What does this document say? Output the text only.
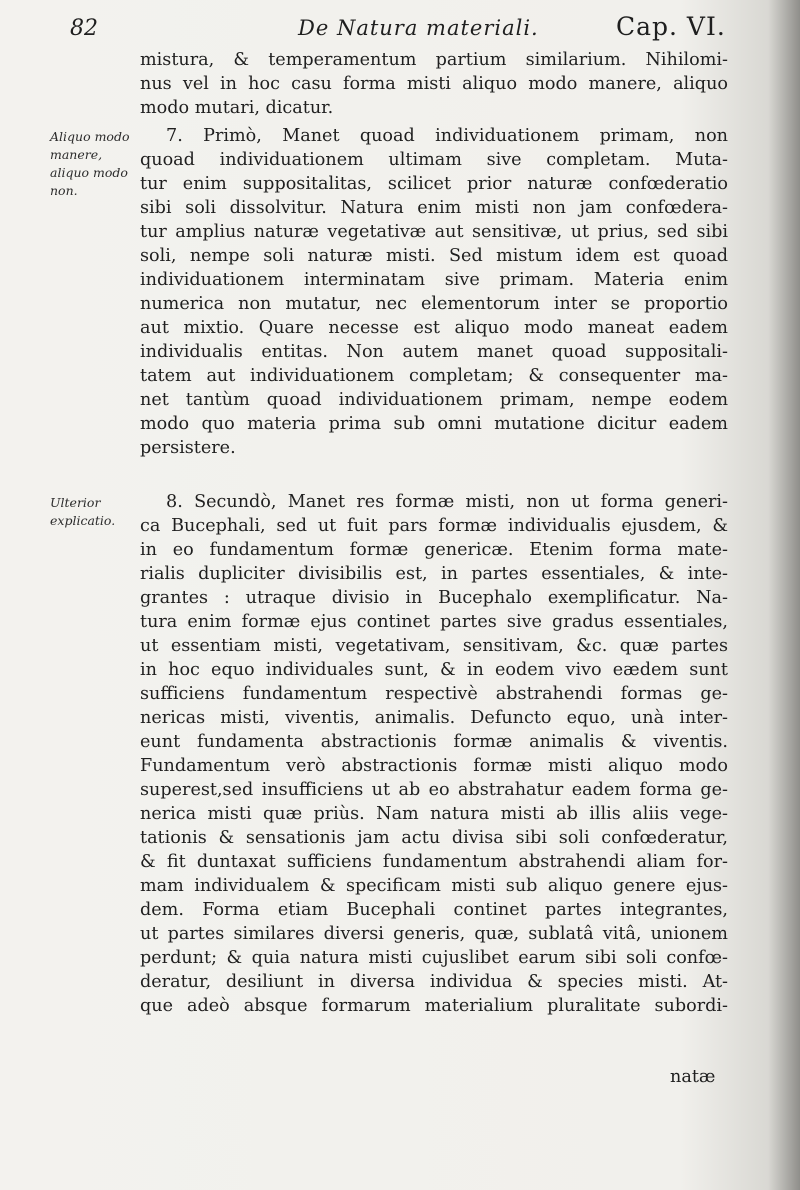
82	De Natura materiali.	Cap. VI.
Aliquo modo manere, aliquo modo non.
Ulterior explicatio.
mistura, & temperamentum partium similarium. Nihilomi-
nus vel in hoc casu forma misti aliquo modo manere, aliquo
modo mutari, dicatur.
7. Primò, Manet quoad individuationem primam, non
quoad individuationem ultimam sive completam. Muta-
tur enim suppositalitas, scilicet prior naturæ confœderatio
sibi soli dissolvitur. Natura enim misti non jam confœdera-
tur amplius naturæ vegetativæ aut sensitivæ, ut prius, sed sibi
soli, nempe soli naturæ misti. Sed mistum idem est quoad
individuationem interminatam sive primam. Materia enim
numerica non mutatur, nec elementorum inter se proportio
aut mixtio. Quare necesse est aliquo modo maneat eadem
individualis entitas. Non autem manet quoad suppositali-
tatem aut individuationem completam; & consequenter ma-
net tantùm quoad individuationem primam, nempe eodem
modo quo materia prima sub omni mutatione dicitur eadem
persistere.
8. Secundò, Manet res formæ misti, non ut forma generi-
ca Bucephali, sed ut fuit pars formæ individualis ejusdem, &
in eo fundamentum formæ genericæ. Etenim forma mate-
rialis dupliciter divisibilis est, in partes essentiales, & inte-
grantes : utraque divisio in Bucephalo exemplificatur. Na-
tura enim formæ ejus continet partes sive gradus essentiales,
ut essentiam misti, vegetativam, sensitivam, &c. quæ partes
in hoc equo individuales sunt, & in eodem vivo eædem sunt
sufficiens fundamentum respectivè abstrahendi formas ge-
nericas misti, viventis, animalis. Defuncto equo, unà inter-
eunt fundamenta abstractionis formæ animalis & viventis.
Fundamentum verò abstractionis formæ misti aliquo modo
superest,sed insufficiens ut ab eo abstrahatur eadem forma ge-
nerica misti quæ priùs. Nam natura misti ab illis aliis vege-
tationis & sensationis jam actu divisa sibi soli confœderatur,
& fit duntaxat sufficiens fundamentum abstrahendi aliam for-
mam individualem & specificam misti sub aliquo genere ejus-
dem. Forma etiam Bucephali continet partes integrantes,
ut partes similares diversi generis, quæ, sublatâ vitâ, unionem
perdunt; & quia natura misti cujuslibet earum sibi soli confœ-
deratur, desiliunt in diversa individua & species misti. At-
que adeò absque formarum materialium pluralitate subordi-
natæ
